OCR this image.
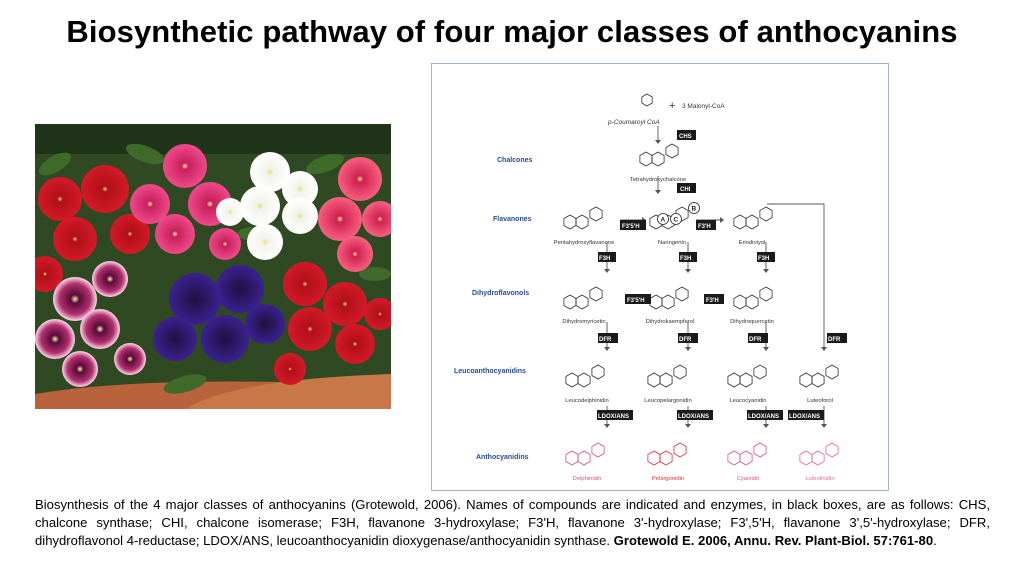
Biosynthetic pathway of four major classes of anthocyanins
p-Coumaroyl CoA
+ 3 Malonyl-CoA
Chalcones
Flavanones
Dihydroflavonols
Leucoanthocyanidins
Anthocyanidins
CHS
CHI
F3'5'H	F3'H
F3H	F3H	F3H
F3'5'H	F3'H
DFR	DFR	DFR	DFR
LDOX/ANS	LDOX/ANS	LDOX/ANS LDOX/ANS
A C
B
Tetrahydroxychalcone
Pentahydroxyflavanone	Naringenin	Eriodictyol
Dihydromyricetin	Dihydrokaempferol	Dihydroquercetin
Leucodelphinidin	Leucopelargonidin	Leucocyanidin	Luteoforol
Delphinidin	Pelargonidin	Cyanidin	Luteolinidin
Biosynthesis of the 4 major classes of anthocyanins (Grotewold, 2006). Names of compounds are indicated and enzymes, in black boxes, are as follows: CHS, chalcone synthase; CHI, chalcone isomerase; F3H, flavanone 3-hydroxylase; F3'H, flavanone 3'-hydroxylase; F3',5'H, flavanone 3',5'-hydroxylase; DFR, dihydroflavonol 4-reductase; LDOX/ANS, leucoanthocyanidin dioxygenase/anthocyanidin synthase. Grotewold E. 2006, Annu. Rev. Plant-Biol. 57:761-80.
